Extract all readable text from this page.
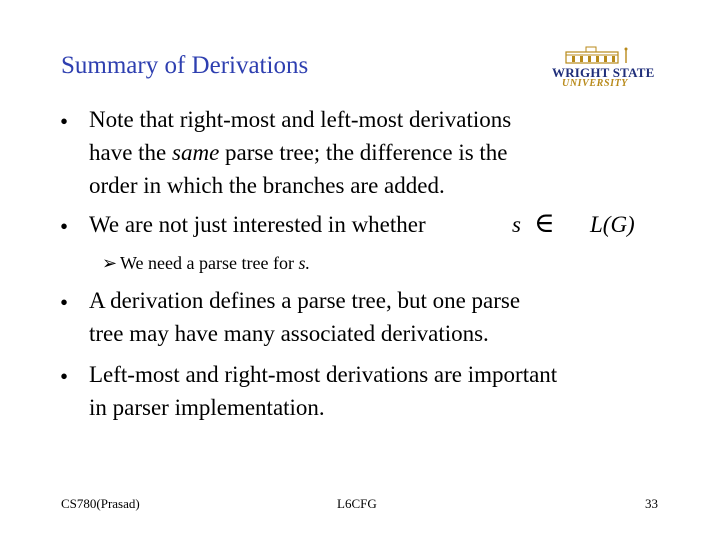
Summary of Derivations	WRIGHT STATE
UNIVERSITY
• Note that right-most and left-most derivations
have the same parse tree; the difference is the
order in which the branches are added.
• We are not just interested in whether	s ∈ L(G)
➢ We need a parse tree for s.
• A derivation defines a parse tree, but one parse
tree may have many associated derivations.
• Left-most and right-most derivations are important
in parser implementation.
CS780(Prasad)	L6CFG	33
